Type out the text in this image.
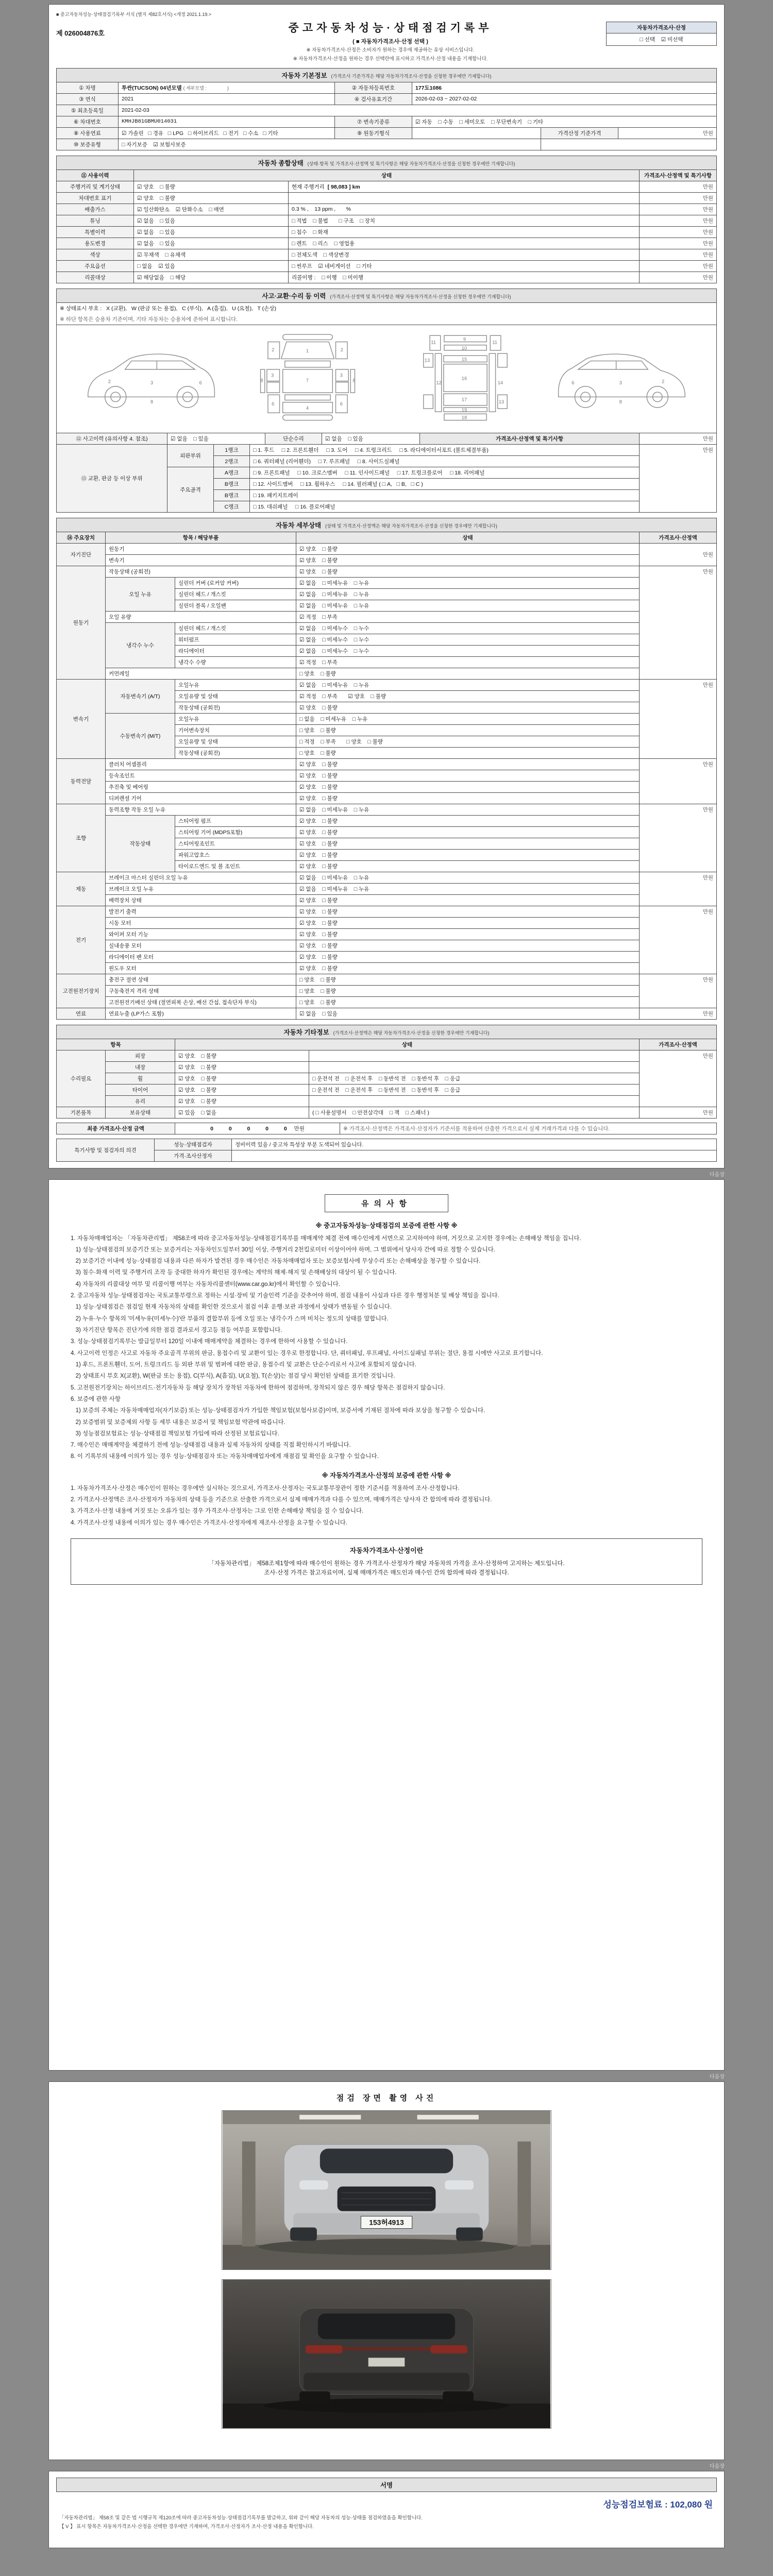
■ 중고자동차성능·상태점검기록부 서식 (별지 제82호서식) <개정 2021.1.19.>
제 026004876호	중고자동차성능·상태점검기록부
( ■ 자동차가격조사·산정 선택 )
※ 자동차가격조사·산정은 소비자가 원하는 경우에 제공하는 유상 서비스입니다.
※ 자동차가격조사·산정을 원하는 경우 선택란에 표시하고 가격조사·산정 내용을 기재합니다.
자동차가격조사·산정
□ 선택    ☑ 미선택
자동차 기본정보 (가격조사 기준가격은 해당 자동차가격조사·산정을 신청한 경우에만 기재합니다)
① 차명	투싼(TUCSON) 04년모델 ( 세부모델 :                )	② 자동차등록번호	177도1086		
③ 연식	2021	④ 검사유효기간	2026-02-03 ~ 2027-02-02		
⑤ 최초등록일	2021-02-03				
⑥ 차대번호	KMHJB81GBMU014031	⑦ 변속기종류	☑ 자동    □ 수동    □ 세미오토    □ 무단변속기    □ 기타		
⑧ 사용연료	☑ 가솔린   □ 경유   □ LPG   □ 하이브리드   □ 전기   □ 수소   □ 기타	⑨ 원동기형식		가격산정 기준가격	만원
⑩ 보증유형	□ 자기보증    ☑ 보험사보증				
자동차 종합상태 (상태·항목 및 가격조사·산정액 및 특기사항은 해당 자동차가격조사·산정을 신청한 경우에만 기재합니다)
⑪ 사용이력	상태		가격조사·산정액 및 특기사항
주행거리 및 계기상태	☑ 양호    □ 불량	현재 주행거리 [ 98,083 ] km	만원
차대번호 표기	☑ 양호    □ 불량		만원
배출가스	☑ 일산화탄소    ☑ 탄화수소    □ 매연	0.3 % ,    13 ppm ,       %	만원
튜닝	☑ 없음    □ 있음	□ 적법    □ 불법       □ 구조    □ 장치	만원
특별이력	☑ 없음    □ 있음	□ 침수    □ 화재	만원
용도변경	☑ 없음    □ 있음	□ 렌트    □ 리스    □ 영업용	만원
색상	☑ 무채색    □ 유채색	□ 전체도색    □ 색상변경	만원
주요옵션	□ 없음    ☑ 있음	□ 썬루프    ☑ 네비게이션    □ 기타	만원
리콜대상	☑ 해당없음    □ 해당	리콜이행 :    □ 이행    □ 미이행	만원
사고·교환·수리 등 이력 (가격조사·산정액 및 특기사항은 해당 자동차가격조사·산정을 신청한 경우에만 기재합니다)
※ 상태표시 부호 :   X (교환),   W (판금 또는 용접),   C (부식),   A (흠집),   U (요철),   T (손상)
※ 하단 항목은 승용차 기준이며, 기타 자동차는 승용차에 준하여 표시합니다.
2	3	6
8
1
7
4
2	2
3	3
6	6
8	8
9
10
11	11
12
13
13
15
16
17
19
18
14	2
3
6
8
⑫ 사고이력 (유의사항 4. 참조)	☑ 없음    □ 있음	단순수리	☑ 없음    □ 있음	가격조사·산정액 및 특기사항	만원
⑬ 교환, 판금 등 이상 부위	외판부위	1랭크	□ 1. 후드     □ 2. 프론트휀더     □ 3. 도어     □ 4. 트렁크리드     □ 5. 라디에이터서포트 (볼트체결부품)	만원
		2랭크	□ 6. 쿼터패널 (리어휀더)     □ 7. 루프패널     □ 8. 사이드실패널	
	주요골격	A랭크	□ 9. 프론트패널     □ 10. 크로스멤버     □ 11. 인사이드패널     □ 17. 트렁크플로어     □ 18. 리어패널	
		B랭크	□ 12. 사이드멤버     □ 13. 휠하우스     □ 14. 필러패널 ( □ A,   □ B,   □ C )	
		B랭크	□ 19. 패키지트레이	
		C랭크	□ 15. 대쉬패널     □ 16. 플로어패널	
자동차 세부상태 (상태 및 가격조사·산정액은 해당 자동차가격조사·산정을 신청한 경우에만 기재합니다)
⑭ 주요장치	항목 / 해당부품		상태	가격조사·산정액
자기진단	원동기		☑ 양호    □ 불량	만원
	변속기		☑ 양호    □ 불량	
원동기	작동상태 (공회전)		☑ 양호    □ 불량	만원
	오일 누유	실린더 커버 (로커암 커버)	☑ 없음    □ 미세누유    □ 누유	
		실린더 헤드 / 개스킷	☑ 없음    □ 미세누유    □ 누유	
		실린더 블록 / 오일팬	☑ 없음    □ 미세누유    □ 누유	
	오일 유량		☑ 적정    □ 부족	
	냉각수 누수	실린더 헤드 / 개스킷	☑ 없음    □ 미세누수    □ 누수	
		워터펌프	☑ 없음    □ 미세누수    □ 누수	
		라디에이터	☑ 없음    □ 미세누수    □ 누수	
		냉각수 수량	☑ 적정    □ 부족	
	커먼레일		□ 양호    □ 불량	
변속기	자동변속기 (A/T)	오일누유	☑ 없음    □ 미세누유    □ 누유	만원
		오일유량 및 상태	☑ 적정    □ 부족       ☑ 양호    □ 불량	
		작동상태 (공회전)	☑ 양호    □ 불량	
	수동변속기 (M/T)	오일누유	□ 없음    □ 미세누유    □ 누유	
		기어변속장치	□ 양호    □ 불량	
		오일유량 및 상태	□ 적정    □ 부족       □ 양호    □ 불량	
		작동상태 (공회전)	□ 양호    □ 불량	
동력전달	클러치 어셈블리		☑ 양호    □ 불량	만원
	등속조인트		☑ 양호    □ 불량	
	추진축 및 베어링		☑ 양호    □ 불량	
	디퍼렌셜 기어		☑ 양호    □ 불량	
조향	동력조향 작동 오일 누유		☑ 없음    □ 미세누유    □ 누유	만원
	작동상태	스티어링 펌프	☑ 양호    □ 불량	
		스티어링 기어 (MDPS포함)	☑ 양호    □ 불량	
		스티어링조인트	☑ 양호    □ 불량	
		파워고압호스	☑ 양호    □ 불량	
		타이로드엔드 및 볼 조인트	☑ 양호    □ 불량	
제동	브레이크 마스터 실린더 오일 누유		☑ 없음    □ 미세누유    □ 누유	만원
	브레이크 오일 누유		☑ 없음    □ 미세누유    □ 누유	
	배력장치 상태		☑ 양호    □ 불량	
전기	발전기 출력		☑ 양호    □ 불량	만원
	시동 모터		☑ 양호    □ 불량	
	와이퍼 모터 기능		☑ 양호    □ 불량	
	실내송풍 모터		☑ 양호    □ 불량	
	라디에이터 팬 모터		☑ 양호    □ 불량	
	윈도우 모터		☑ 양호    □ 불량	
고전원전기장치	충전구 절연 상태		□ 양호    □ 불량	만원
	구동축전지 격리 상태		□ 양호    □ 불량	
	고전원전기배선 상태 (절연피복 손상, 배선 간섭, 접속단자 부식)		□ 양호    □ 불량	
연료	연료누출 (LP가스 포함)		☑ 없음    □ 있음	만원
자동차 기타정보 (가격조사·산정액은 해당 자동차가격조사·산정을 신청한 경우에만 기재합니다)
항목		상태		가격조사·산정액
수리필요	외장	☑ 양호    □ 불량		만원
	내장	☑ 양호    □ 불량		
	휠	☑ 양호    □ 불량	□ 운전석 전    □ 운전석 후    □ 동반석 전    □ 동반석 후    □ 응급	
	타이어	☑ 양호    □ 불량	□ 운전석 전    □ 운전석 후    □ 동반석 전    □ 동반석 후    □ 응급	
	유리	☑ 양호    □ 불량		
기본품목	보유상태	☑ 있음    □ 없음	( □ 사용설명서    □ 안전삼각대    □ 잭    □ 스패너 )	만원
최종 가격조사·산정 금액	0  0  0  0  0 만원	※ 가격조사·산정액은 가격조사·산정자가 기준서를 적용하여 산출한 가격으로서 실제 거래가격과 다를 수 있습니다.
특기사항 및 점검자의 의견	성능·상태점검자	정비이력 있음 / 중고차 특성상 부분 도색되어 있습니다.
	가격·조사산정자	
다음장
유의사항
※ 중고자동차성능·상태점검의 보증에 관한 사항 ※

1. 자동차매매업자는 「자동차관리법」 제58조에 따라 중고자동차성능·상태점검기록부를 매매계약 체결 전에 매수인에게 서면으로 고지하여야 하며, 거짓으로 고지한 경우에는 손해배상 책임을 집니다.

1) 성능·상태점검의 보증기간 또는 보증거리는 자동차인도일부터 30일 이상, 주행거리 2천킬로미터 이상이어야 하며, 그 범위에서 당사자 간에 따로 정할 수 있습니다.

2) 보증기간 이내에 성능·상태점검 내용과 다른 하자가 발견된 경우 매수인은 자동차매매업자 또는 보증보험사에 무상수리 또는 손해배상을 청구할 수 있습니다.

3) 침수·화재 이력 및 주행거리 조작 등 중대한 하자가 확인된 경우에는 계약의 해제·해지 및 손해배상의 대상이 될 수 있습니다.

4) 자동차의 리콜대상 여부 및 리콜이행 여부는 자동차리콜센터(www.car.go.kr)에서 확인할 수 있습니다.

2. 중고자동차 성능·상태점검자는 국토교통부령으로 정하는 시설·장비 및 기술인력 기준을 갖추어야 하며, 점검 내용이 사실과 다른 경우 행정처분 및 배상 책임을 집니다.

1) 성능·상태점검은 점검일 현재 자동차의 상태를 확인한 것으로서 점검 이후 운행·보관 과정에서 상태가 변동될 수 있습니다.

2) 누유·누수 항목의 '미세누유(미세누수)'란 부품의 결합부위 등에 오일 또는 냉각수가 스며 비치는 정도의 상태를 말합니다.

3) 자기진단 항목은 진단기에 의한 점검 결과로서 경고등 점등 여부를 포함합니다.

3. 성능·상태점검기록부는 발급일부터 120일 이내에 매매계약을 체결하는 경우에 한하여 사용할 수 있습니다.

4. 사고이력 인정은 사고로 자동차 주요골격 부위의 판금, 용접수리 및 교환이 있는 경우로 한정합니다. 단, 쿼터패널, 루프패널, 사이드실패널 부위는 절단, 용접 시에만 사고로 표기합니다.

1) 후드, 프론트휀더, 도어, 트렁크리드 등 외판 부위 및 범퍼에 대한 판금, 용접수리 및 교환은 단순수리로서 사고에 포함되지 않습니다.

2) 상태표시 부호 X(교환), W(판금 또는 용접), C(부식), A(흠집), U(요철), T(손상)는 점검 당시 확인된 상태를 표기한 것입니다.

5. 고전원전기장치는 하이브리드·전기자동차 등 해당 장치가 장착된 자동차에 한하여 점검하며, 장착되지 않은 경우 해당 항목은 점검하지 않습니다.

6. 보증에 관한 사항

1) 보증의 주체는 자동차매매업자(자기보증) 또는 성능·상태점검자가 가입한 책임보험(보험사보증)이며, 보증서에 기재된 절차에 따라 보상을 청구할 수 있습니다.

2) 보증범위 및 보증제외 사항 등 세부 내용은 보증서 및 책임보험 약관에 따릅니다.

3) 성능점검보험료는 성능·상태점검 책임보험 가입에 따라 산정된 보험료입니다.

7. 매수인은 매매계약을 체결하기 전에 성능·상태점검 내용과 실제 자동차의 상태를 직접 확인하시기 바랍니다.

8. 이 기록부의 내용에 이의가 있는 경우 성능·상태점검자 또는 자동차매매업자에게 재점검 및 확인을 요구할 수 있습니다.

※ 자동차가격조사·산정의 보증에 관한 사항 ※

1. 자동차가격조사·산정은 매수인이 원하는 경우에만 실시하는 것으로서, 가격조사·산정자는 국토교통부장관이 정한 기준서를 적용하여 조사·산정합니다.

2. 가격조사·산정액은 조사·산정자가 자동차의 상태 등을 기준으로 산출한 가격으로서 실제 매매가격과 다를 수 있으며, 매매가격은 당사자 간 합의에 따라 결정됩니다.

3. 가격조사·산정 내용에 거짓 또는 오류가 있는 경우 가격조사·산정자는 그로 인한 손해배상 책임을 질 수 있습니다.

4. 가격조사·산정 내용에 이의가 있는 경우 매수인은 가격조사·산정자에게 재조사·산정을 요구할 수 있습니다.

자동차가격조사·산정이란
「자동차관리법」 제58조제1항에 따라 매수인이 원하는 경우 가격조사·산정자가 해당 자동차의 가격을 조사·산정하여 고지하는 제도입니다.
조사·산정 가격은 참고자료이며, 실제 매매가격은 매도인과 매수인 간의 합의에 따라 결정됩니다.
다음장
점검 장면 촬영 사진
153허4913
다음장
서명
성능점검보험료 : 102,080 원
「자동차관리법」 제58조 및 같은 법 시행규칙 제120조에 따라 중고자동차성능·상태점검기록부를 발급하고, 위와 같이 해당 자동차의 성능·상태를 점검하였음을 확인합니다.
【 V 】 표시 항목은 자동차가격조사·산정을 선택한 경우에만 기재하며, 가격조사·산정자가 조사·산정 내용을 확인합니다.
